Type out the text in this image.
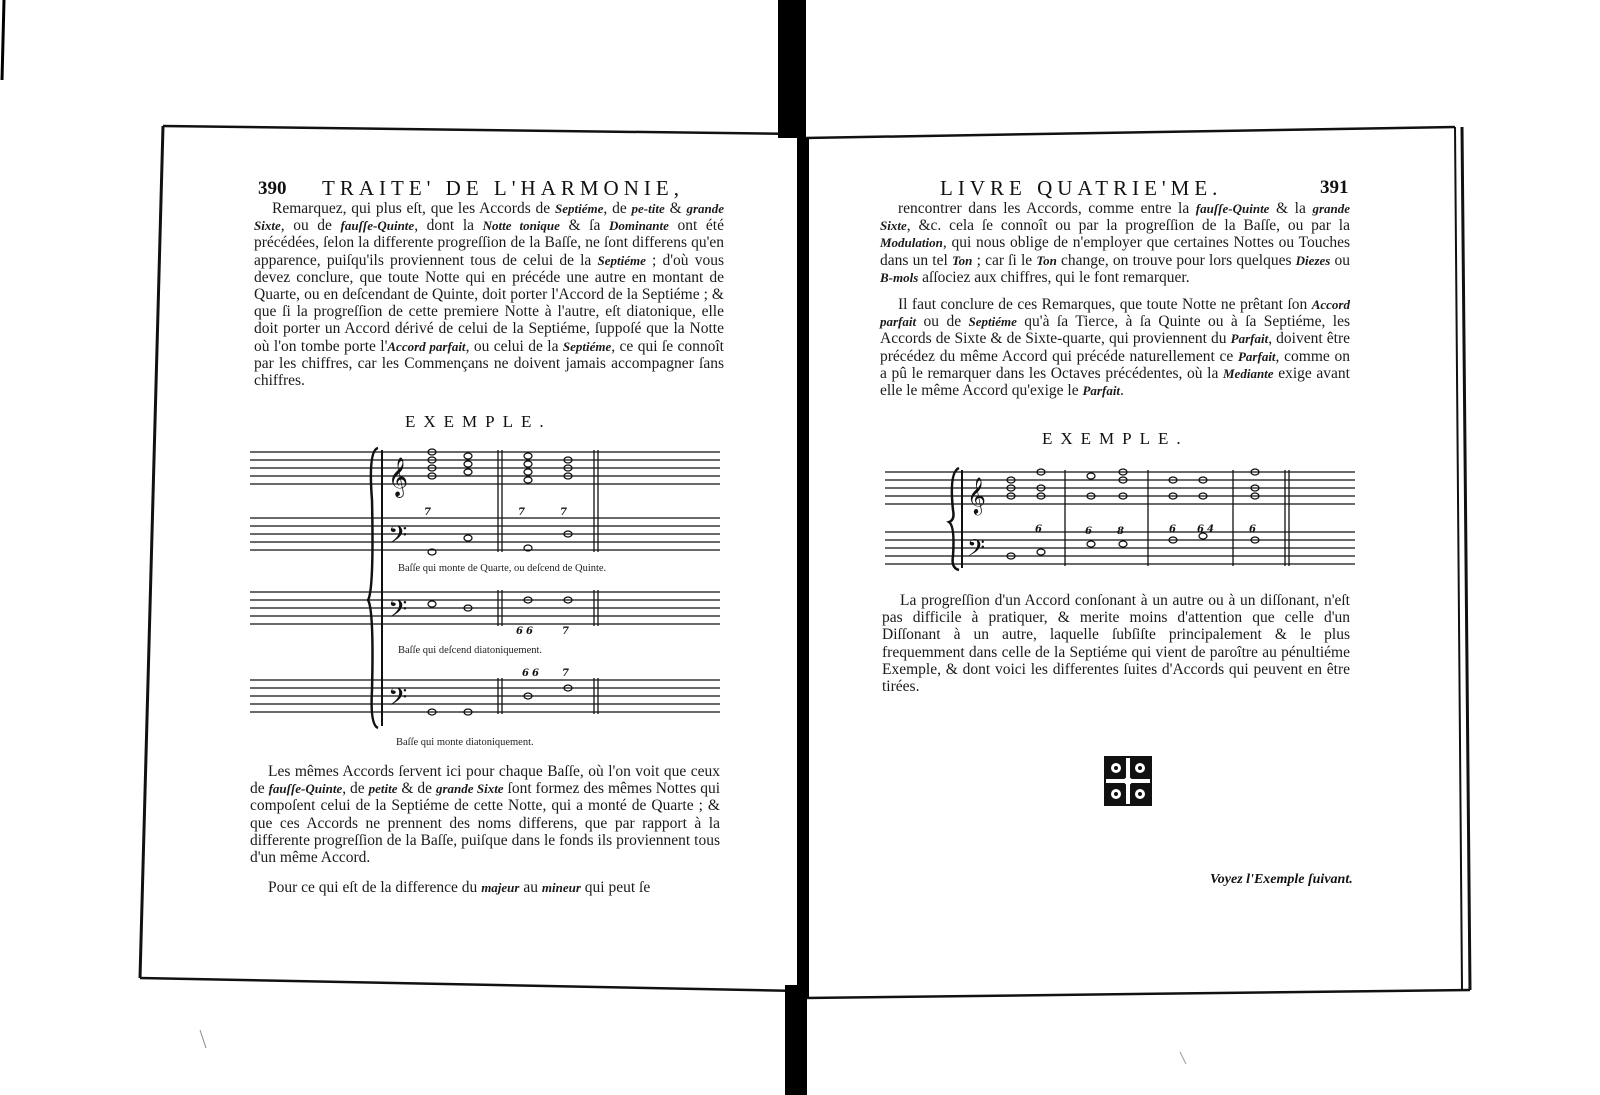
390 TRAITE' DE L'HARMONIE,

Remarquez, qui plus eſt, que les Accords de Septiéme, de pe-tite & grande Sixte, ou de fauſſe-Quinte, dont la Notte tonique & ſa Dominante ont été précédées, ſelon la differente progreſſion de la Baſſe, ne ſont differens qu'en apparence, puiſqu'ils proviennent tous de celui de la Septiéme ; d'où vous devez conclure, que toute Notte qui en précéde une autre en montant de Quarte, ou en deſcendant de Quinte, doit porter l'Accord de la Septiéme ; & que ſi la progreſſion de cette premiere Notte à l'autre, eſt diatonique, elle doit porter un Accord dérivé de celui de la Septiéme, ſuppoſé que la Notte où l'on tombe porte l'Accord parfait, ou celui de la Septiéme, ce qui ſe connoît par les chiffres, car les Commençans ne doivent jamais accompagner ſans chiffres.

EXEMPLE.
𝄞
𝄢
𝄢
𝄢
7	7	7
6 6	7
6 6 7
Baſſe qui monte de Quarte, ou deſcend de Quinte.
Baſſe qui deſcend diatoniquement.
Baſſe qui monte diatoniquement.

Les mêmes Accords ſervent ici pour chaque Baſſe, où l'on voit que ceux de fauſſe-Quinte, de petite & de grande Sixte ſont formez des mêmes Nottes qui compoſent celui de la Septiéme de cette Notte, qui a monté de Quarte ; & que ces Accords ne prennent des noms differens, que par rapport à la differente progreſſion de la Baſſe, puiſque dans le fonds ils proviennent tous d'un même Accord.

Pour ce qui eſt de la difference du majeur au mineur qui peut ſe

LIVRE QUATRIE'ME.	391

rencontrer dans les Accords, comme entre la fauſſe-Quinte & la grande Sixte, &c. cela ſe connoît ou par la progreſſion de la Baſſe, ou par la Modulation, qui nous oblige de n'employer que certaines Nottes ou Touches dans un tel Ton ; car ſi le Ton change, on trouve pour lors quelques Diezes ou B-mols aſſociez aux chiffres, qui le font remarquer.

Il faut conclure de ces Remarques, que toute Notte ne prêtant ſon Accord parfait ou de Septiéme qu'à ſa Tierce, à ſa Quinte ou à ſa Septiéme, les Accords de Sixte & de Sixte-quarte, qui proviennent du Parfait, doivent être précédez du même Accord qui précéde naturellement ce Parfait, comme on a pû le remarquer dans les Octaves précédentes, où la Mediante exige avant elle le même Accord qu'exige le Parfait.

EXEMPLE.
𝄞
𝄢
6	6	8	6 6 4	6

La progreſſion d'un Accord conſonant à un autre ou à un diſſonant, n'eſt pas difficile à pratiquer, & merite moins d'attention que celle d'un Diſſonant à un autre, laquelle ſubſiſte principalement & le plus frequemment dans celle de la Septiéme qui vient de paroître au pénultiéme Exemple, & dont voici les differentes ſuites d'Accords qui peuvent en être tirées.

Voyez l'Exemple ſuivant.
